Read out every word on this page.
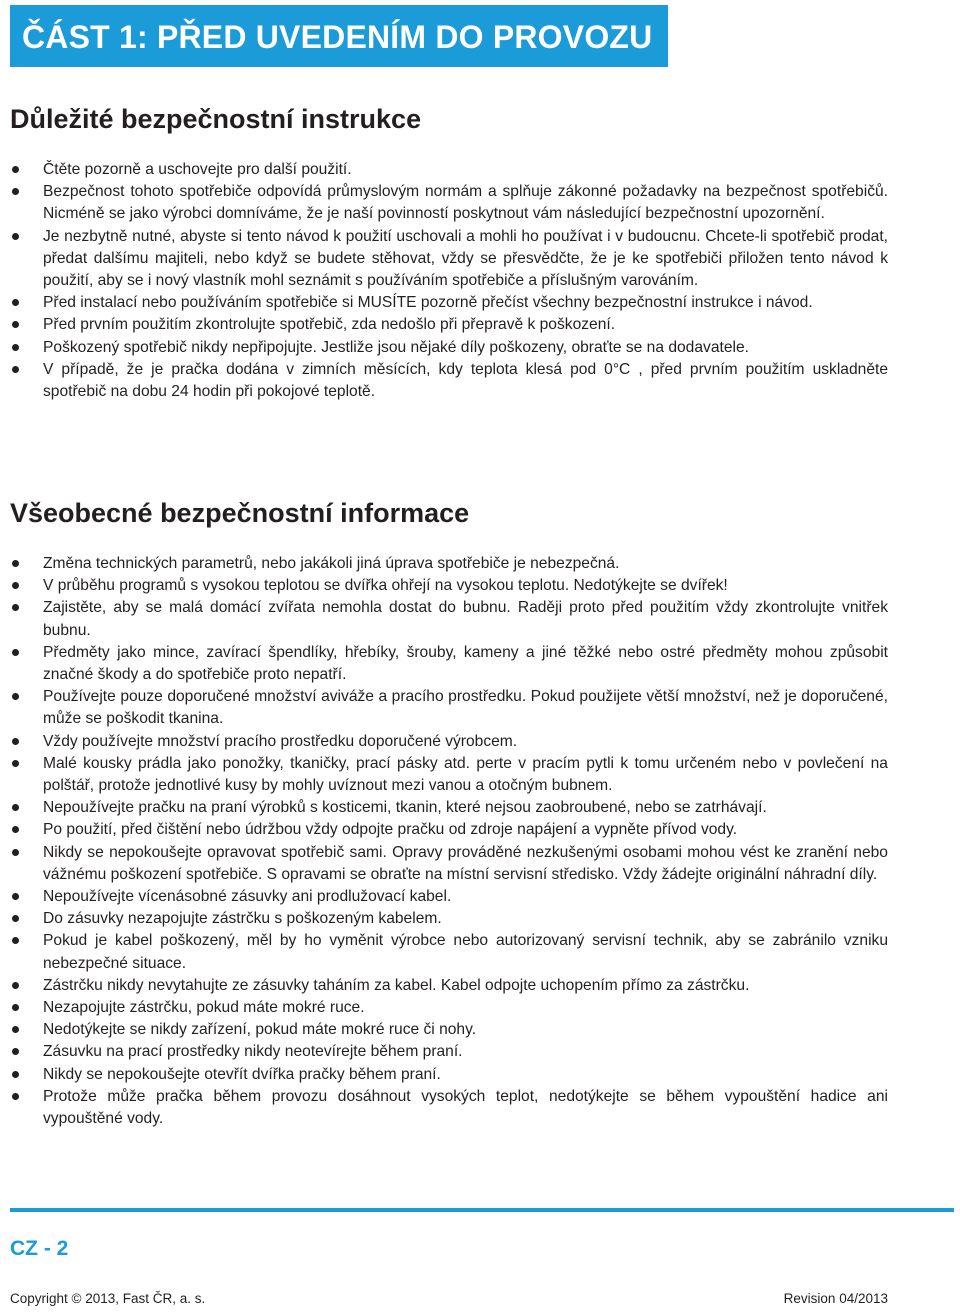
ČÁST 1: PŘED UVEDENÍM DO PROVOZU
Důležité bezpečnostní instrukce
Čtěte pozorně a uschovejte pro další použití.
Bezpečnost tohoto spotřebiče odpovídá průmyslovým normám a splňuje zákonné požadavky na bezpečnost spotřebičů. Nicméně se jako výrobci domníváme, že je naší povinností poskytnout vám následující bezpečnostní upozornění.
Je nezbytně nutné, abyste si tento návod k použití uschovali a mohli ho používat i v budoucnu. Chcete-li spotřebič prodat, předat dalšímu majiteli, nebo když se budete stěhovat, vždy se přesvědčte, že je ke spotřebiči přiložen tento návod k použití, aby se i nový vlastník mohl seznámit s používáním spotřebiče a příslušným varováním.
Před instalací nebo používáním spotřebiče si MUSÍTE pozorně přečíst všechny bezpečnostní instrukce i návod.
Před prvním použitím zkontrolujte spotřebič, zda nedošlo při přepravě k poškození.
Poškozený spotřebič nikdy nepřipojujte. Jestliže jsou nějaké díly poškozeny, obraťte se na dodavatele.
V případě, že je pračka dodána v zimních měsících, kdy teplota klesá pod 0°C , před prvním použitím uskladněte spotřebič na dobu 24 hodin při pokojové teplotě.
Všeobecné bezpečnostní informace
Změna technických parametrů, nebo jakákoli jiná úprava spotřebiče je nebezpečná.
V průběhu programů s vysokou teplotou se dvířka ohřejí na vysokou teplotu. Nedotýkejte se dvířek!
Zajistěte, aby se malá domácí zvířata nemohla dostat do bubnu. Raději proto před použitím vždy zkontrolujte vnitřek bubnu.
Předměty jako mince, zavírací špendlíky, hřebíky, šrouby, kameny a jiné těžké nebo ostré předměty mohou způsobit značné škody a do spotřebiče proto nepatří.
Používejte pouze doporučené množství aviváže a pracího prostředku. Pokud použijete větší množství, než je doporučené, může se poškodit tkanina.
Vždy používejte množství pracího prostředku doporučené výrobcem.
Malé kousky prádla jako ponožky, tkaničky, prací pásky atd. perte v pracím pytli k tomu určeném nebo v povlečení na polštář, protože jednotlivé kusy by mohly uvíznout mezi vanou a otočným bubnem.
Nepoužívejte pračku na praní výrobků s kosticemi, tkanin, které nejsou zaobroubené, nebo se zatrhávají.
Po použití, před čištění nebo údržbou vždy odpojte pračku od zdroje napájení a vypněte přívod vody.
Nikdy se nepokoušejte opravovat spotřebič sami. Opravy prováděné nezkušenými osobami mohou vést ke zranění nebo vážnému poškození spotřebiče. S opravami se obraťte na místní servisní středisko. Vždy žádejte originální náhradní díly.
Nepoužívejte vícenásobné zásuvky ani prodlužovací kabel.
Do zásuvky nezapojujte zástrčku s poškozeným kabelem.
Pokud je kabel poškozený, měl by ho vyměnit výrobce nebo autorizovaný servisní technik, aby se zabránilo vzniku nebezpečné situace.
Zástrčku nikdy nevytahujte ze zásuvky taháním za kabel. Kabel odpojte uchopením přímo za zástrčku.
Nezapojujte zástrčku, pokud máte mokré ruce.
Nedotýkejte se nikdy zařízení, pokud máte mokré ruce či nohy.
Zásuvku na prací prostředky nikdy neotevírejte během praní.
Nikdy se nepokoušejte otevřít dvířka pračky během praní.
Protože může pračka během provozu dosáhnout vysokých teplot, nedotýkejte se během vypouštění hadice ani vypouštěné vody.
CZ - 2
Copyright © 2013, Fast ČR, a. s.	Revision 04/2013
